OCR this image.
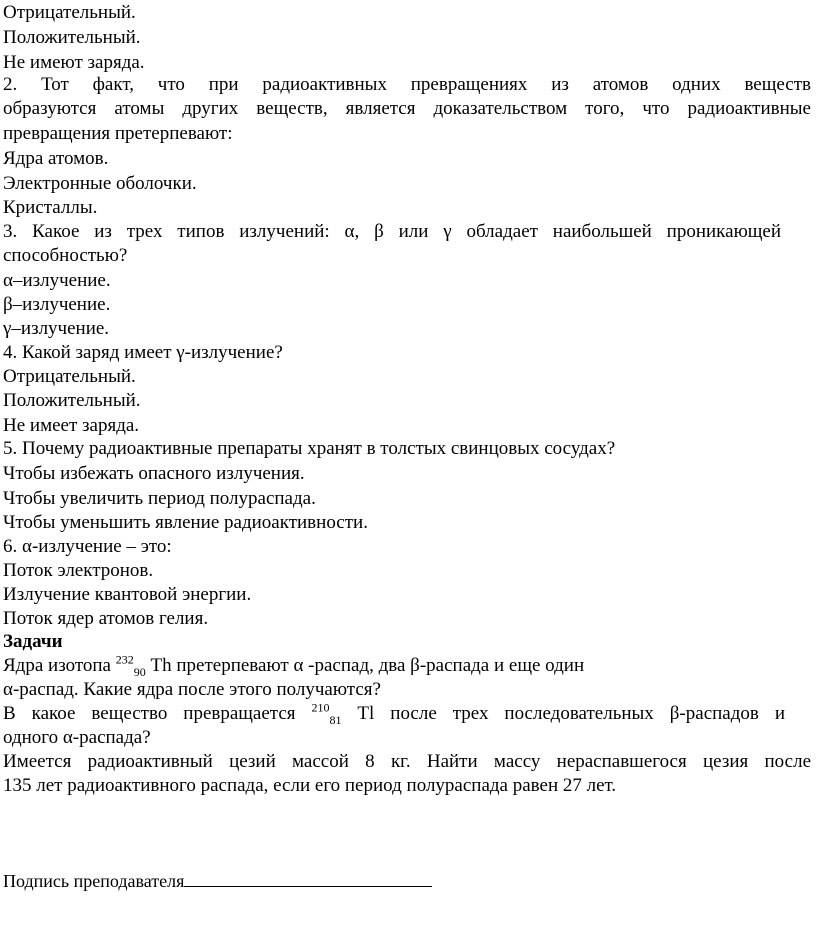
Отрицательный.
Положительный.
Не имеют заряда.
2. Тот факт, что при радиоактивных превращениях из атомов одних веществ
образуются атомы других веществ, является доказательством того, что радиоактивные
превращения претерпевают:
Ядра атомов.
Электронные оболочки.
Кристаллы.
3. Какое из трех типов излучений: α, β или γ обладает наибольшей проникающей
способностью?
α–излучение.
β–излучение.
γ–излучение.
4. Какой заряд имеет γ-излучение?
Отрицательный.
Положительный.
Не имеет заряда.
5. Почему радиоактивные препараты хранят в толстых свинцовых сосудах?
Чтобы избежать опасного излучения.
Чтобы увеличить период полураспада.
Чтобы уменьшить явление радиоактивности.
6. α-излучение – это:
Поток электронов.
Излучение квантовой энергии.
Поток ядер атомов гелия.
Задачи
Ядра изотопа $^{232}_{90}$ Th претерпевают α -распад, два β-распада и еще один
α-распад. Какие ядра после этого получаются?
В какое вещество превращается $^{210}_{81}$ Tl после трех последовательных β-распадов и
одного α-распада?
Имеется радиоактивный цезий массой 8 кг. Найти массу нераспавшегося цезия после
135 лет радиоактивного распада, если его период полураспада равен 27 лет.
Подпись преподавателя
